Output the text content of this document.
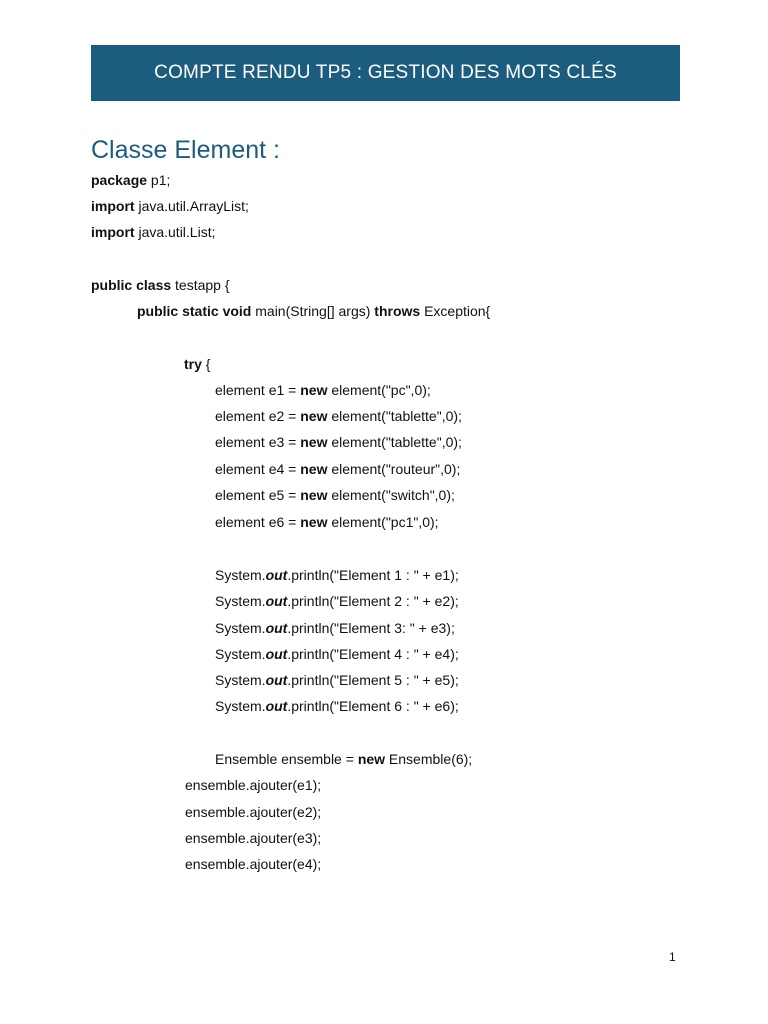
COMPTE RENDU TP5 : GESTION DES MOTS CLÉS
Classe Element :
package p1;
import java.util.ArrayList;
import java.util.List;
public class testapp {
public static void main(String[] args) throws Exception{
try {
element e1 = new element("pc",0);
element e2 = new element("tablette",0);
element e3 = new element("tablette",0);
element e4 = new element("routeur",0);
element e5 = new element("switch",0);
element e6 = new element("pc1",0);
System.out.println("Element 1 : " + e1);
System.out.println("Element 2 : " + e2);
System.out.println("Element 3: " + e3);
System.out.println("Element 4 : " + e4);
System.out.println("Element 5 : " + e5);
System.out.println("Element 6 : " + e6);
Ensemble ensemble = new Ensemble(6);
ensemble.ajouter(e1);
ensemble.ajouter(e2);
ensemble.ajouter(e3);
ensemble.ajouter(e4);
1
